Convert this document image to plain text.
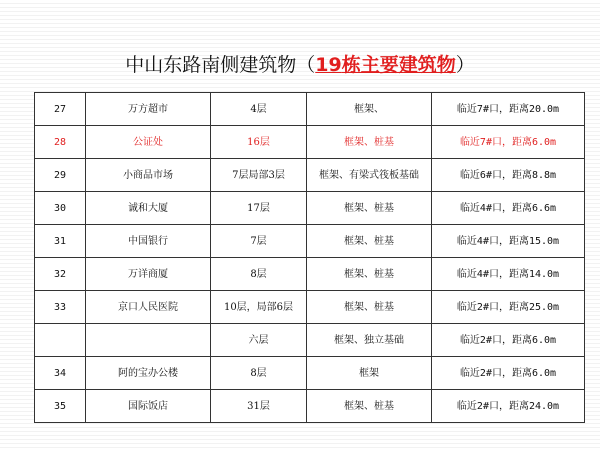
中山东路南侧建筑物（19栋主要建筑物）
27	万方超市	4层	框架、	临近7#口，距离20.0m
28	公证处	16层	框架、桩基	临近7#口，距离6.0m
29	小商品市场	7层局部3层	框架、有梁式筏板基础	临近6#口，距离8.8m
30	诚和大厦	17层	框架、桩基	临近4#口，距离6.6m
31	中国银行	7层	框架、桩基	临近4#口，距离15.0m
32	万详商厦	8层	框架、桩基	临近4#口，距离14.0m
33	京口人民医院	10层，局部6层	框架、桩基	临近2#口，距离25.0m
		六层	框架、独立基础	临近2#口，距离6.0m
34	阿的宝办公楼	8层	框架	临近2#口，距离6.0m
35	国际饭店	31层	框架、桩基	临近2#口，距离24.0m
